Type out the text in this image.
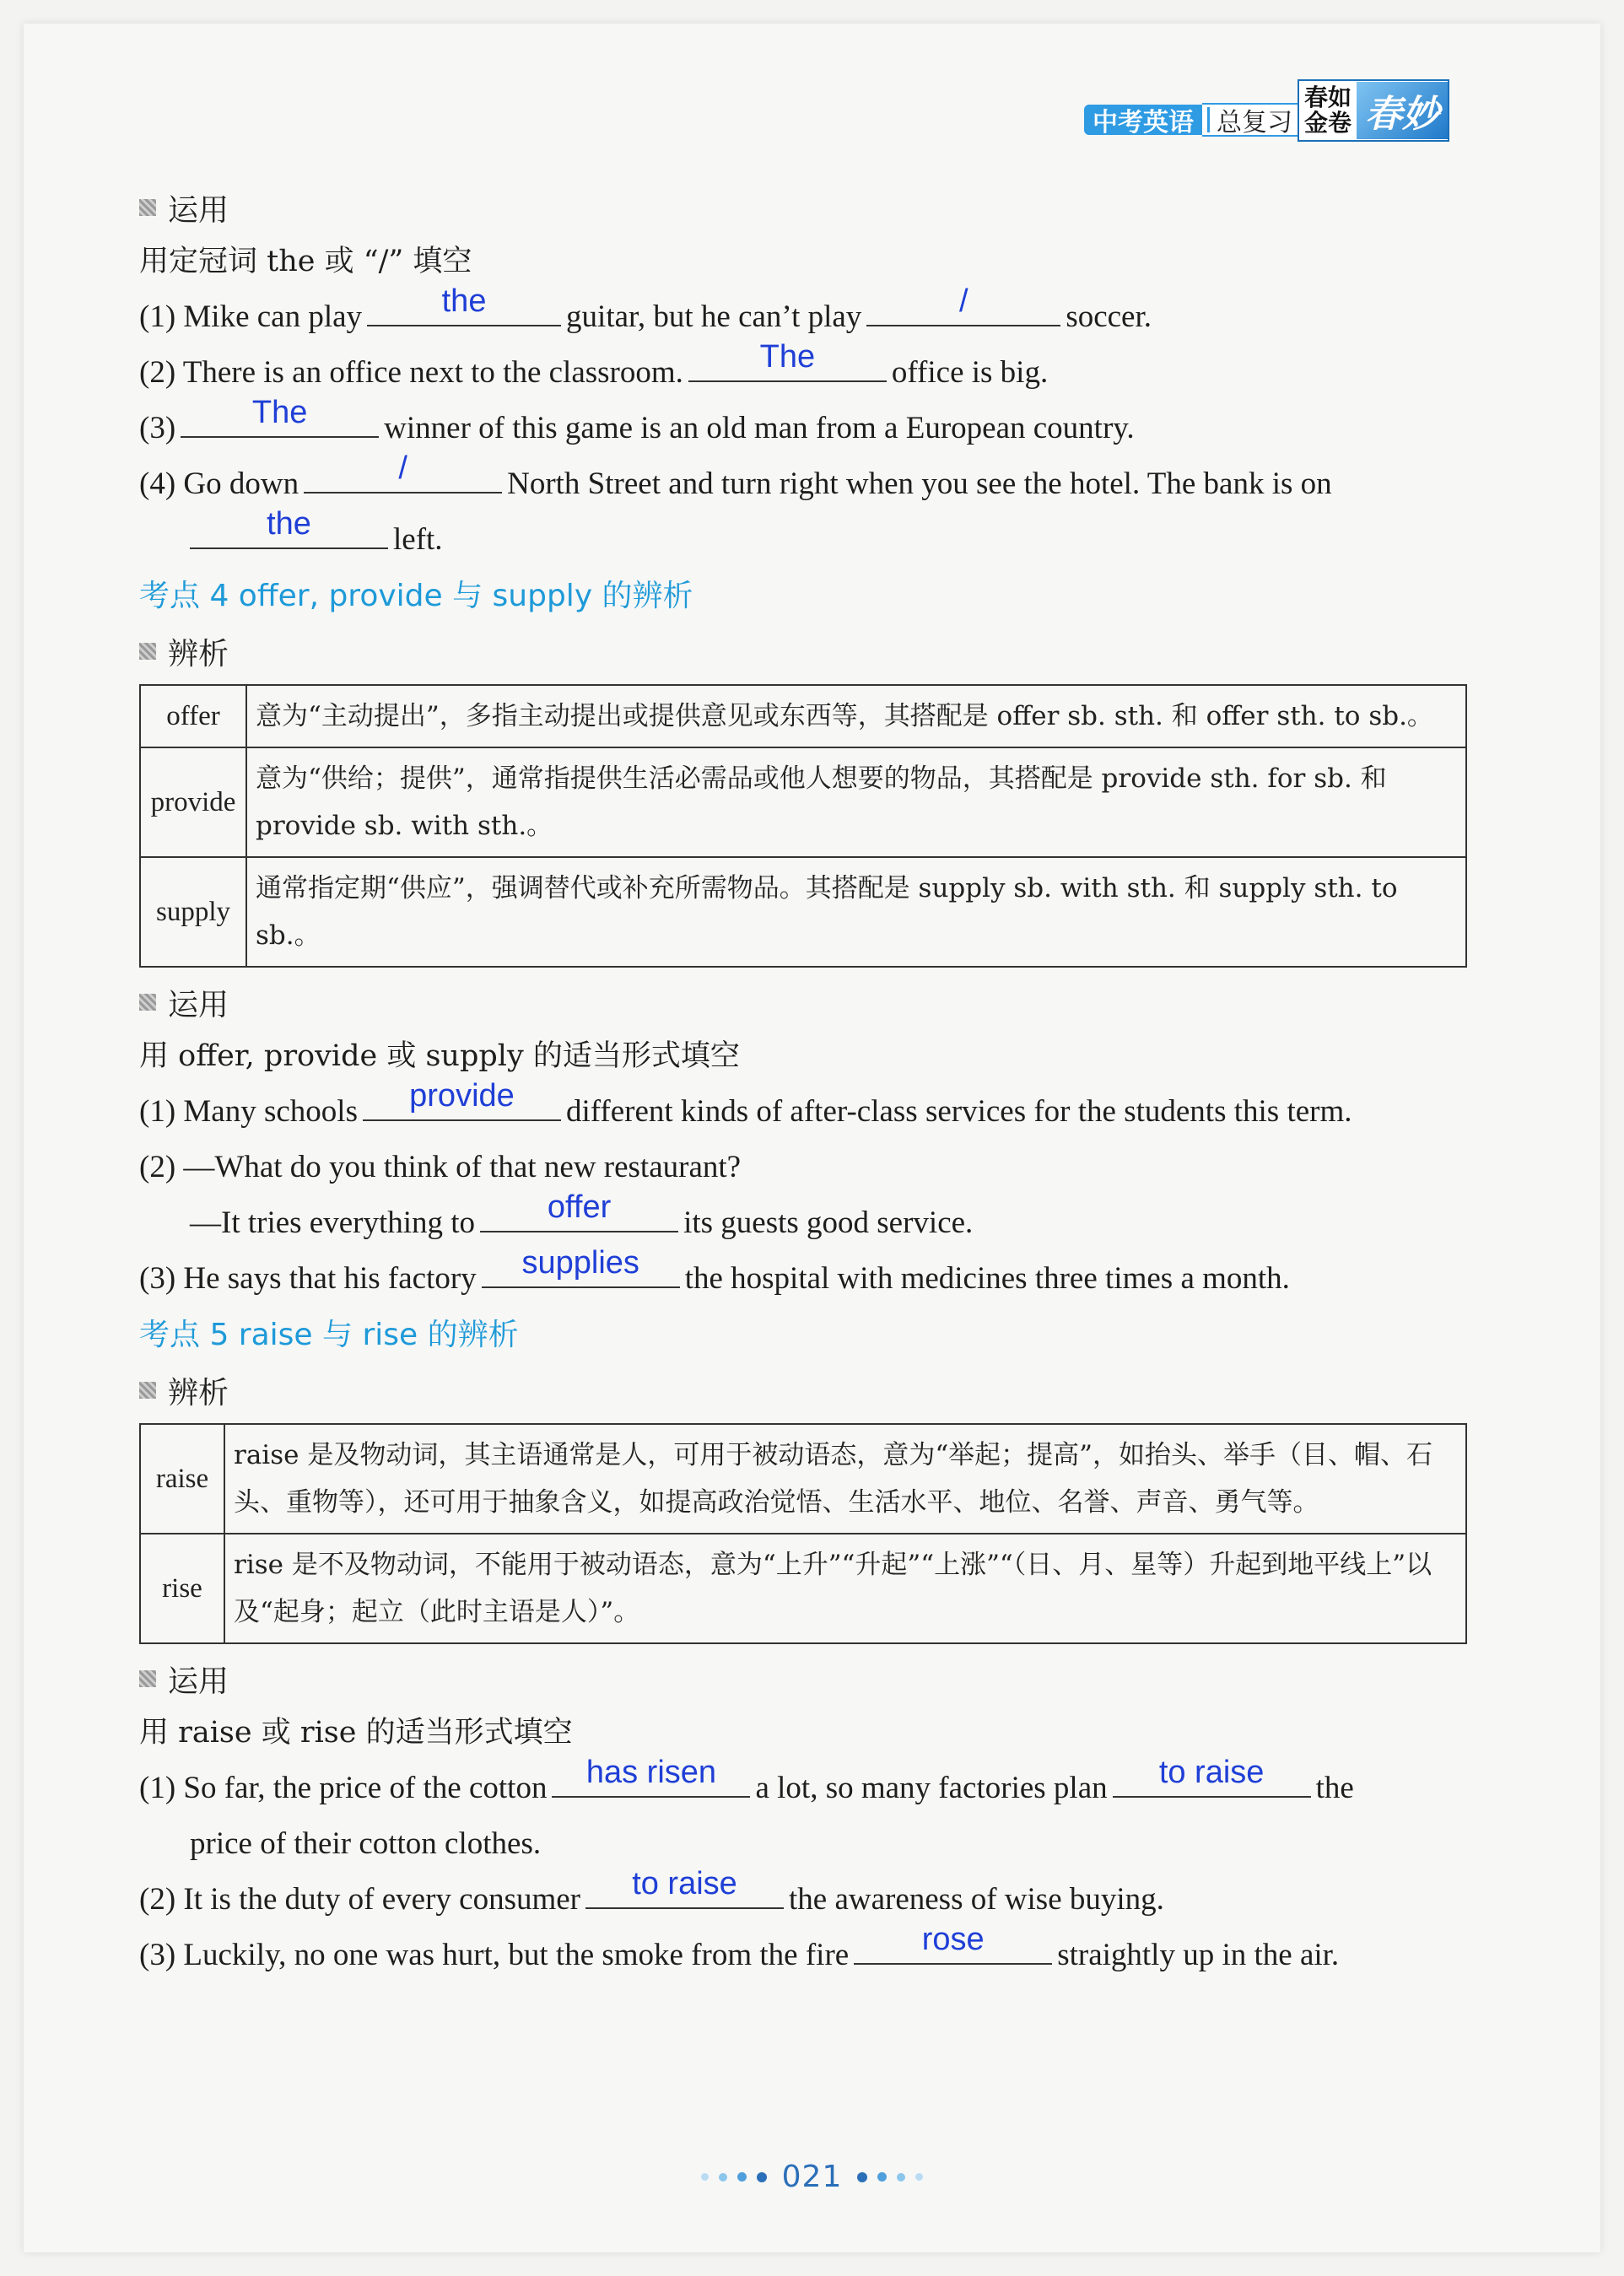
中考英语 总复习
春如
金卷 春妙
运用
用定冠词 the 或 “/” 填空
(1) Mike can play	the	guitar, but he can’t play	/	soccer.
(2) There is an office next to the classroom.	The	office is big.
(3)	The	winner of this game is an old man from a European country.
(4) Go down	/	North Street and turn right when you see the hotel. The bank is on
the	left.
考点 4 offer, provide 与 supply 的辨析
辨析
offer	意为“主动提出”，多指主动提出或提供意见或东西等，其搭配是 offer sb. sth. 和 offer sth. to sb.。
provide	意为“供给；提供”，通常指提供生活必需品或他人想要的物品，其搭配是 provide sth. for sb. 和 provide sb. with sth.。
supply	通常指定期“供应”，强调替代或补充所需物品。其搭配是 supply sb. with sth. 和 supply sth. to sb.。
运用
用 offer, provide 或 supply 的适当形式填空
(1) Many schools	provide	different kinds of after-class services for the students this term.
(2) —What do you think of that new restaurant?
—It tries everything to	offer	its guests good service.
(3) He says that his factory	supplies	the hospital with medicines three times a month.
考点 5 raise 与 rise 的辨析
辨析
raise	raise 是及物动词，其主语通常是人，可用于被动语态，意为“举起；提高”，如抬头、举手（目、帽、石头、重物等），还可用于抽象含义，如提高政治觉悟、生活水平、地位、名誉、声音、勇气等。
rise	rise 是不及物动词，不能用于被动语态，意为“上升”“升起”“上涨”“（日、月、星等）升起到地平线上”以及“起身；起立（此时主语是人）”。
运用
用 raise 或 rise 的适当形式填空
(1) So far, the price of the cotton	has risen	a lot, so many factories plan	to raise	the
price of their cotton clothes.
(2) It is the duty of every consumer	to raise	the awareness of wise buying.
(3) Luckily, no one was hurt, but the smoke from the fire	rose	straightly up in the air.
021
